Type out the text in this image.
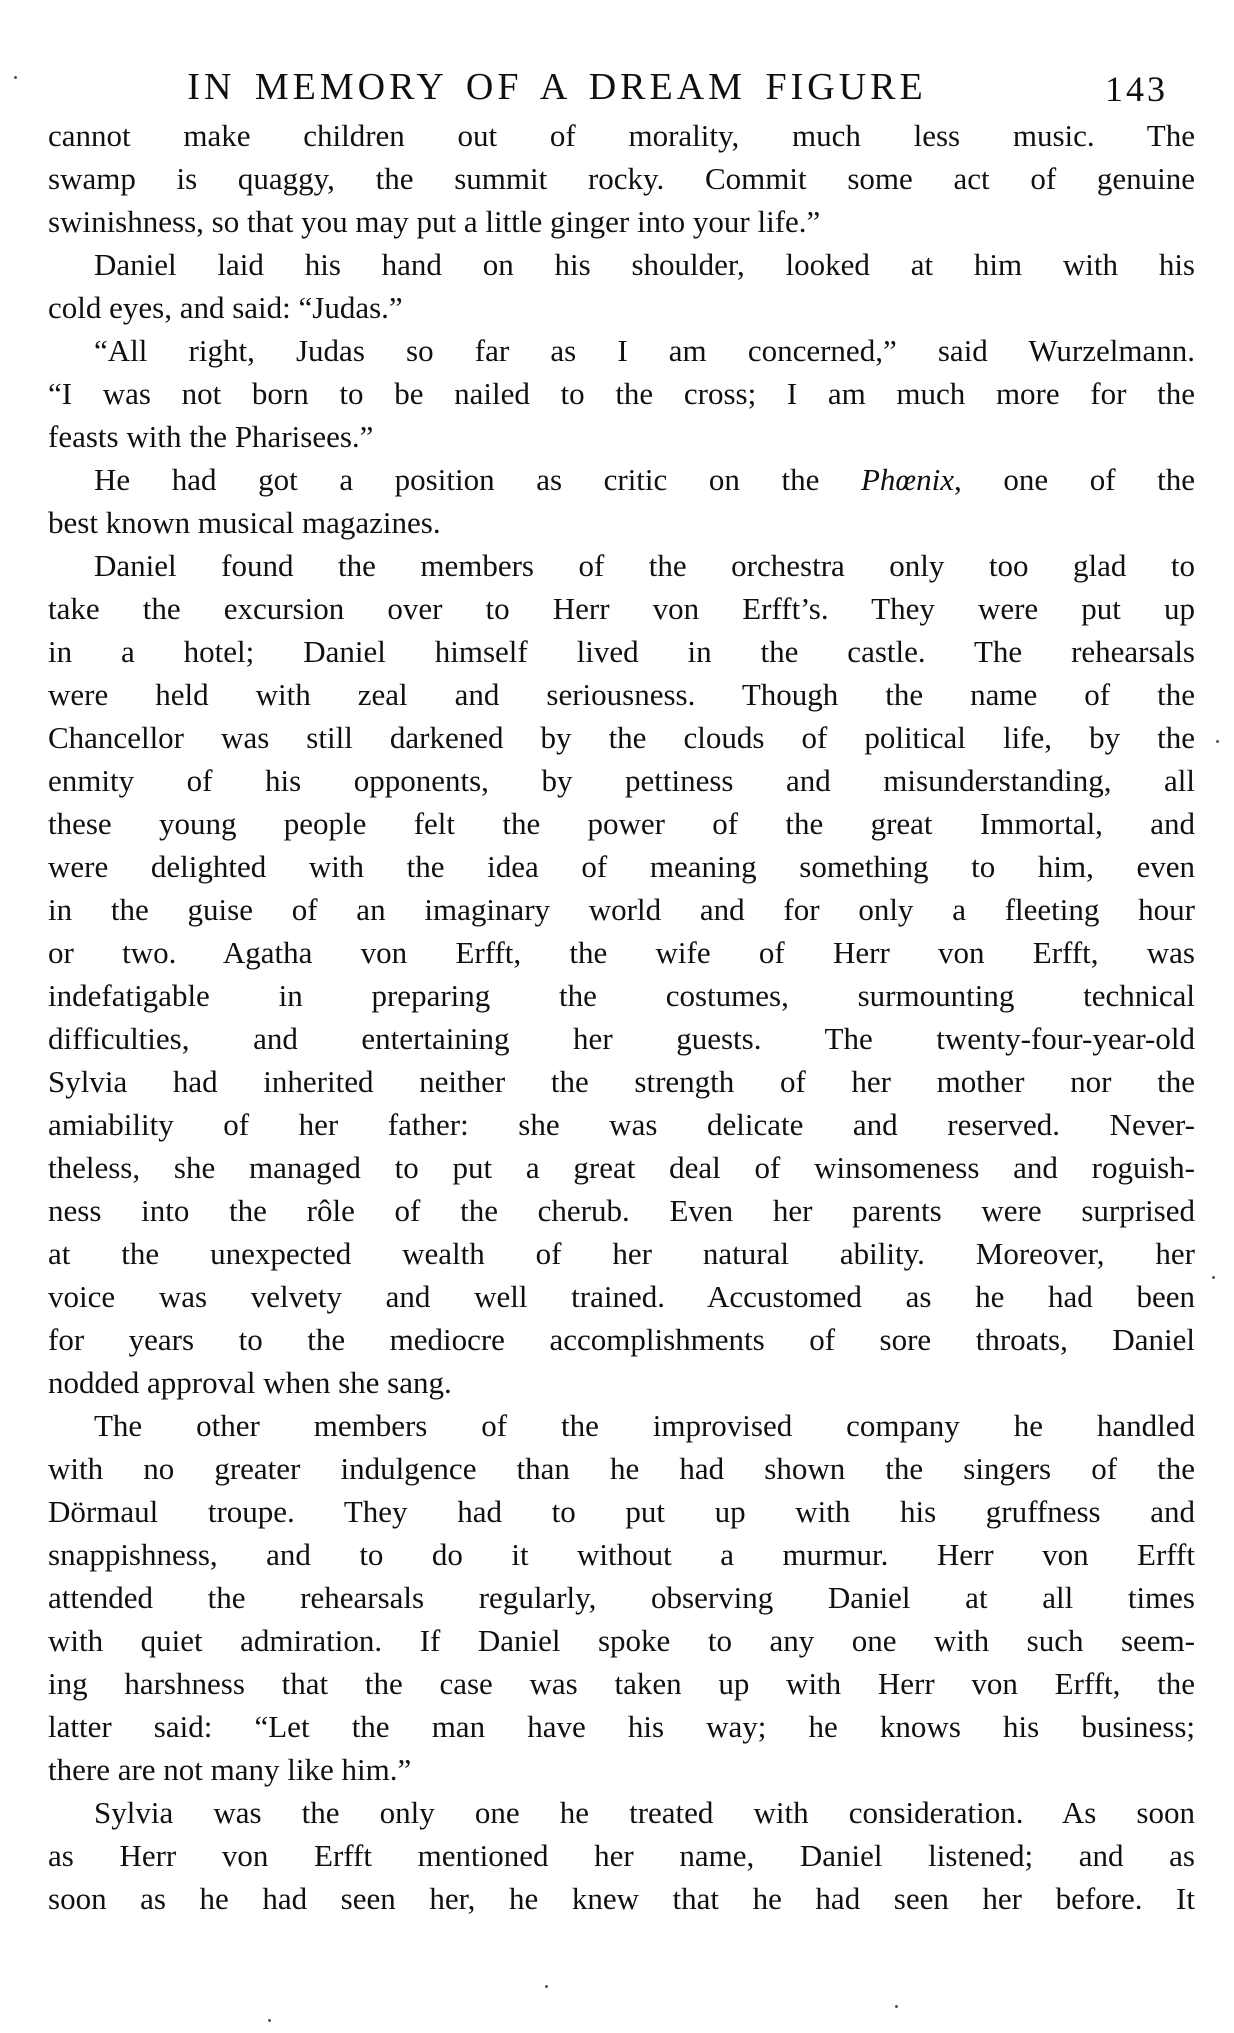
IN MEMORY OF A DREAM FIGURE	143
cannot make children out of morality, much less music. The
swamp is quaggy, the summit rocky. Commit some act of genuine
swinishness, so that you may put a little ginger into your life.”
Daniel laid his hand on his shoulder, looked at him with his
cold eyes, and said: “Judas.”
“All right, Judas so far as I am concerned,” said Wurzelmann.
“I was not born to be nailed to the cross; I am much more for the
feasts with the Pharisees.”
He had got a position as critic on the Phœnix, one of the
best known musical magazines.
Daniel found the members of the orchestra only too glad to
take the excursion over to Herr von Erfft’s. They were put up
in a hotel; Daniel himself lived in the castle. The rehearsals
were held with zeal and seriousness. Though the name of the
Chancellor was still darkened by the clouds of political life, by the
enmity of his opponents, by pettiness and misunderstanding, all
these young people felt the power of the great Immortal, and
were delighted with the idea of meaning something to him, even
in the guise of an imaginary world and for only a fleeting hour
or two. Agatha von Erfft, the wife of Herr von Erfft, was
indefatigable in preparing the costumes, surmounting technical
difficulties, and entertaining her guests. The twenty-four-year-old
Sylvia had inherited neither the strength of her mother nor the
amiability of her father: she was delicate and reserved. Never-
theless, she managed to put a great deal of winsomeness and roguish-
ness into the rôle of the cherub. Even her parents were surprised
at the unexpected wealth of her natural ability. Moreover, her
voice was velvety and well trained. Accustomed as he had been
for years to the mediocre accomplishments of sore throats, Daniel
nodded approval when she sang.
The other members of the improvised company he handled
with no greater indulgence than he had shown the singers of the
Dörmaul troupe. They had to put up with his gruffness and
snappishness, and to do it without a murmur. Herr von Erfft
attended the rehearsals regularly, observing Daniel at all times
with quiet admiration. If Daniel spoke to any one with such seem-
ing harshness that the case was taken up with Herr von Erfft, the
latter said: “Let the man have his way; he knows his business;
there are not many like him.”
Sylvia was the only one he treated with consideration. As soon
as Herr von Erfft mentioned her name, Daniel listened; and as
soon as he had seen her, he knew that he had seen her before. It
